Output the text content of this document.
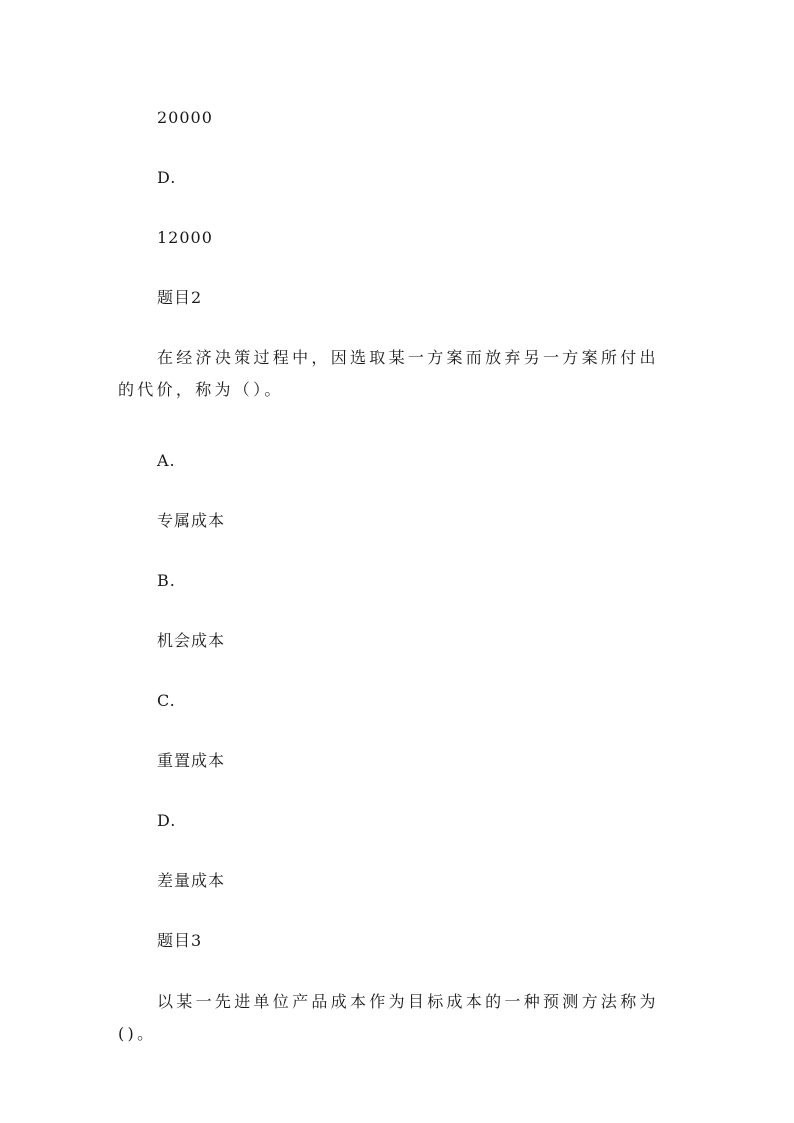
20000
D.
12000
题目2
在经济决策过程中，因选取某一方案而放弃另一方案所付出的代价，称为（）。
A.
专属成本
B.
机会成本
C.
重置成本
D.
差量成本
题目3
以某一先进单位产品成本作为目标成本的一种预测方法称为()。
